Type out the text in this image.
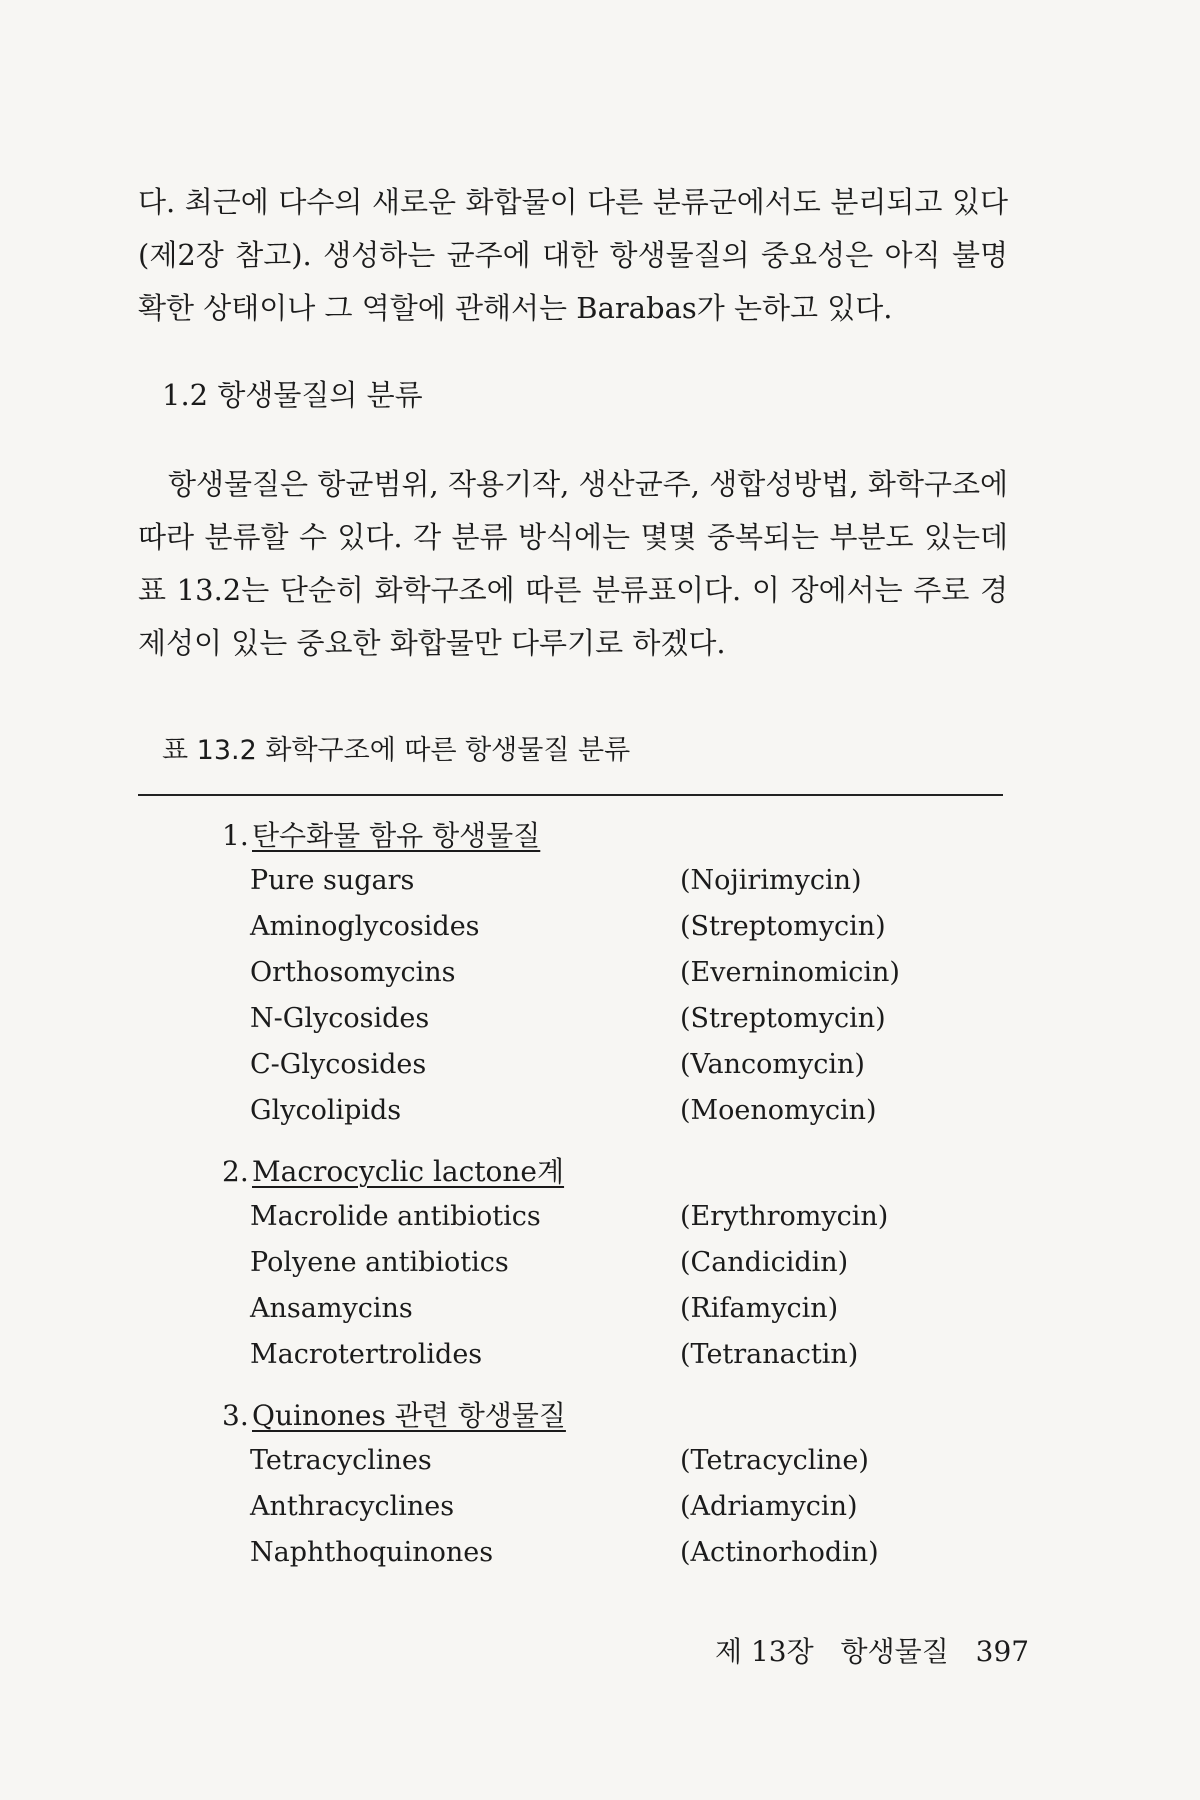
다. 최근에 다수의 새로운 화합물이 다른 분류군에서도 분리되고 있다(제2장 참고). 생성하는 균주에 대한 항생물질의 중요성은 아직 불명확한 상태이나 그 역할에 관해서는 Barabas가 논하고 있다.

1.2 항생물질의 분류

항생물질은 항균범위, 작용기작, 생산균주, 생합성방법, 화학구조에 따라 분류할 수 있다. 각 분류 방식에는 몇몇 중복되는 부분도 있는데 표 13.2는 단순히 화학구조에 따른 분류표이다. 이 장에서는 주로 경제성이 있는 중요한 화합물만 다루기로 하겠다.

표 13.2 화학구조에 따른 항생물질 분류

1. 탄수화물 함유 항생물질
Pure sugars	(Nojirimycin)
Aminoglycosides	(Streptomycin)
Orthosomycins	(Everninomicin)
N-Glycosides	(Streptomycin)
C-Glycosides	(Vancomycin)
Glycolipids	(Moenomycin)
2. Macrocyclic lactone계
Macrolide antibiotics	(Erythromycin)
Polyene antibiotics	(Candicidin)
Ansamycins	(Rifamycin)
Macrotertrolides	(Tetranactin)
3. Quinones 관련 항생물질
Tetracyclines	(Tetracycline)
Anthracyclines	(Adriamycin)
Naphthoquinones	(Actinorhodin)

제 13장 항생물질 397
